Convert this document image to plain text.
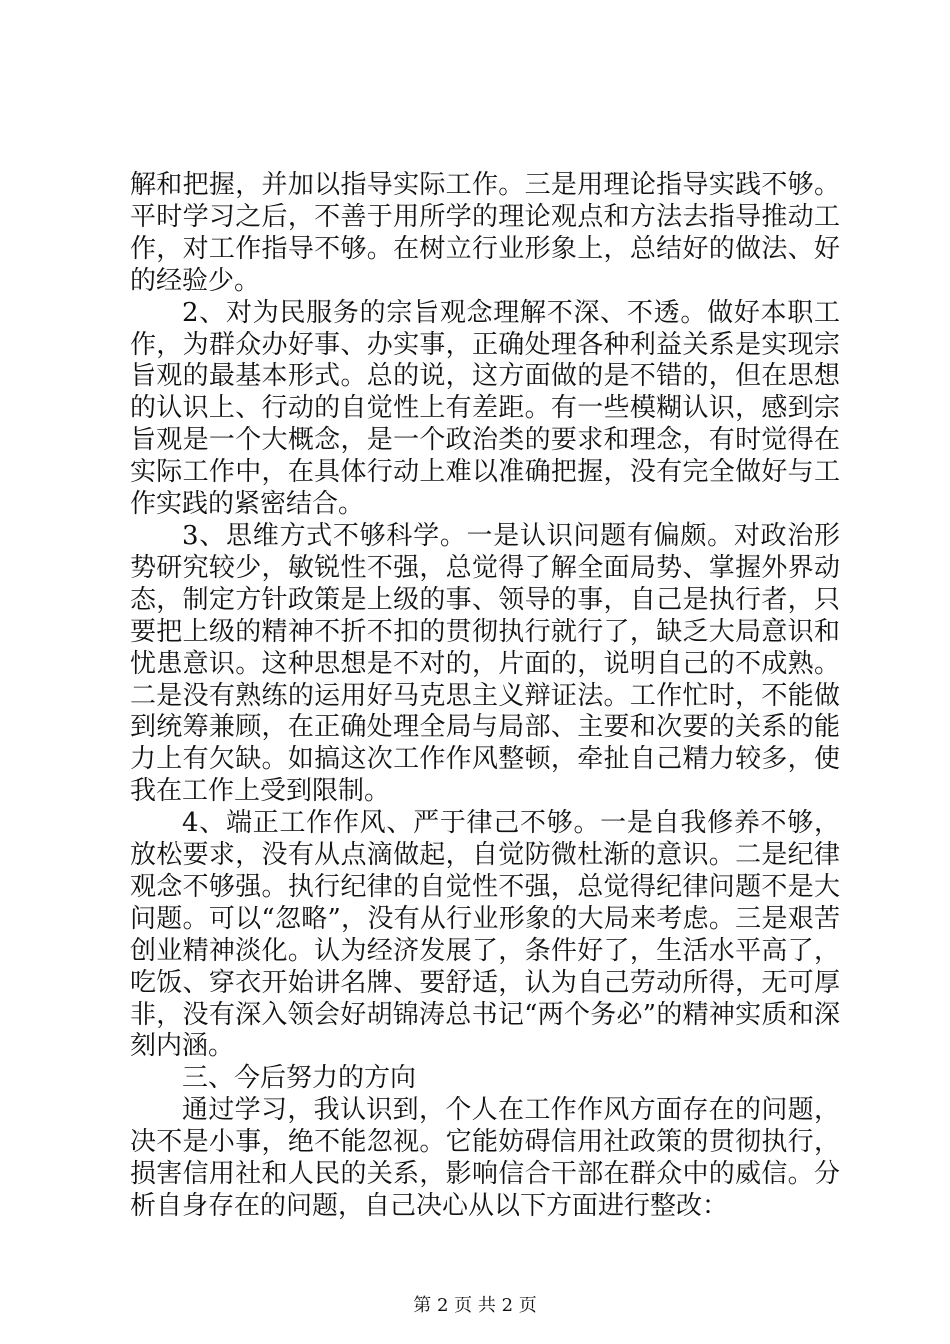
解和把握，并加以指导实际工作。三是用理论指导实践不够。平时学习之后，不善于用所学的理论观点和方法去指导推动工作，对工作指导不够。在树立行业形象上，总结好的做法、好的经验少。

2、对为民服务的宗旨观念理解不深、不透。做好本职工作，为群众办好事、办实事，正确处理各种利益关系是实现宗旨观的最基本形式。总的说，这方面做的是不错的，但在思想的认识上、行动的自觉性上有差距。有一些模糊认识，感到宗旨观是一个大概念，是一个政治类的要求和理念，有时觉得在实际工作中，在具体行动上难以准确把握，没有完全做好与工作实践的紧密结合。

3、思维方式不够科学。一是认识问题有偏颇。对政治形势研究较少，敏锐性不强，总觉得了解全面局势、掌握外界动态，制定方针政策是上级的事、领导的事，自己是执行者，只要把上级的精神不折不扣的贯彻执行就行了，缺乏大局意识和忧患意识。这种思想是不对的，片面的，说明自己的不成熟。二是没有熟练的运用好马克思主义辩证法。工作忙时，不能做到统筹兼顾，在正确处理全局与局部、主要和次要的关系的能力上有欠缺。如搞这次工作作风整顿，牵扯自己精力较多，使我在工作上受到限制。

4、端正工作作风、严于律己不够。一是自我修养不够，放松要求，没有从点滴做起，自觉防微杜渐的意识。二是纪律观念不够强。执行纪律的自觉性不强，总觉得纪律问题不是大问题。可以“忽略”，没有从行业形象的大局来考虑。三是艰苦创业精神淡化。认为经济发展了，条件好了，生活水平高了，吃饭、穿衣开始讲名牌、要舒适，认为自己劳动所得，无可厚非，没有深入领会好胡锦涛总书记“两个务必”的精神实质和深刻内涵。

三、今后努力的方向

通过学习，我认识到，个人在工作作风方面存在的问题，决不是小事，绝不能忽视。它能妨碍信用社政策的贯彻执行，损害信用社和人民的关系，影响信合干部在群众中的威信。分析自身存在的问题，自己决心从以下方面进行整改：

第 2 页 共 2 页
